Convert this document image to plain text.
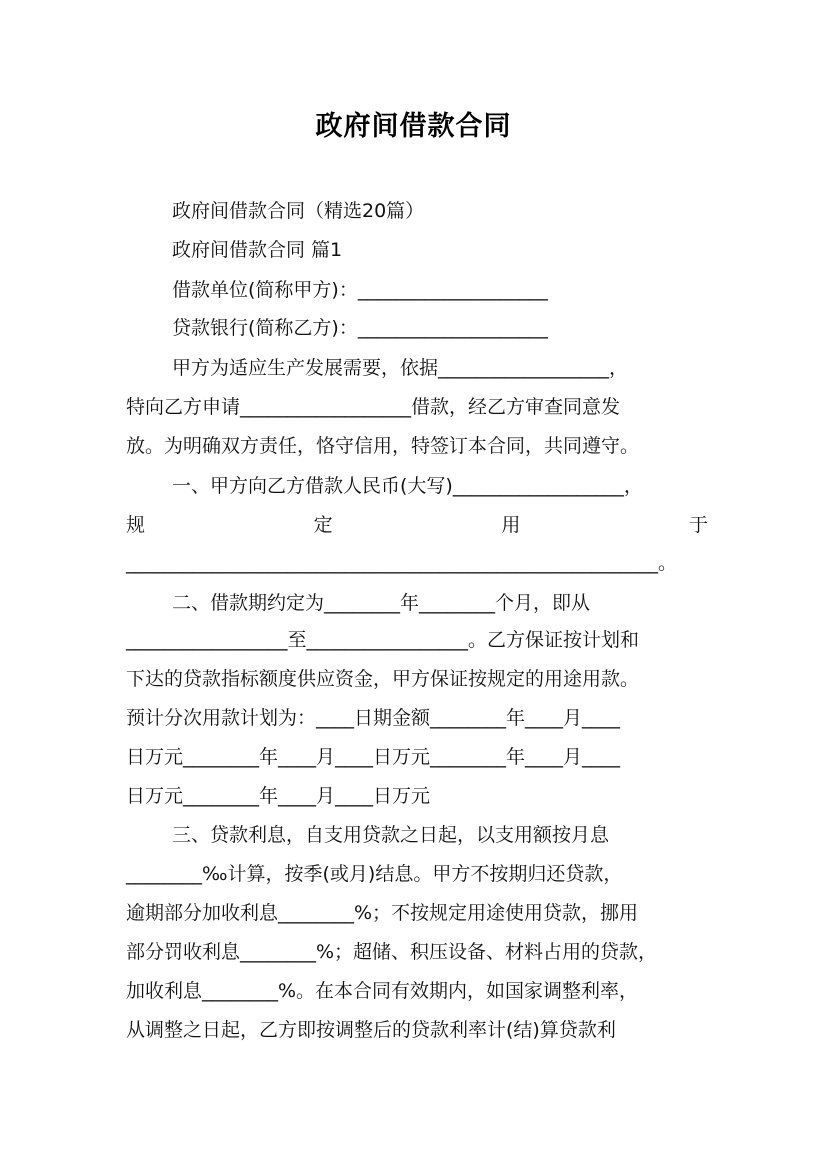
政府间借款合同
政府间借款合同（精选20篇）
政府间借款合同 篇1
借款单位(简称甲方)：____________________
贷款银行(简称乙方)：____________________
甲方为适应生产发展需要，依据__________________，
特向乙方申请__________________借款，经乙方审查同意发
放。为明确双方责任，恪守信用，特签订本合同，共同遵守。
一、甲方向乙方借款人民币(大写)__________________，
规	定	用	于
________________________________________________________。
二、借款期约定为________年________个月，即从
_________________至_________________。乙方保证按计划和
下达的贷款指标额度供应资金，甲方保证按规定的用途用款。
预计分次用款计划为：____日期金额________年____月____
日万元________年____月____日万元________年____月____
日万元________年____月____日万元
三、贷款利息，自支用贷款之日起，以支用额按月息
________‰计算，按季(或月)结息。甲方不按期归还贷款，
逾期部分加收利息________%；不按规定用途使用贷款，挪用
部分罚收利息________%；超储、积压设备、材料占用的贷款，
加收利息________%。在本合同有效期内，如国家调整利率，
从调整之日起，乙方即按调整后的贷款利率计(结)算贷款利
